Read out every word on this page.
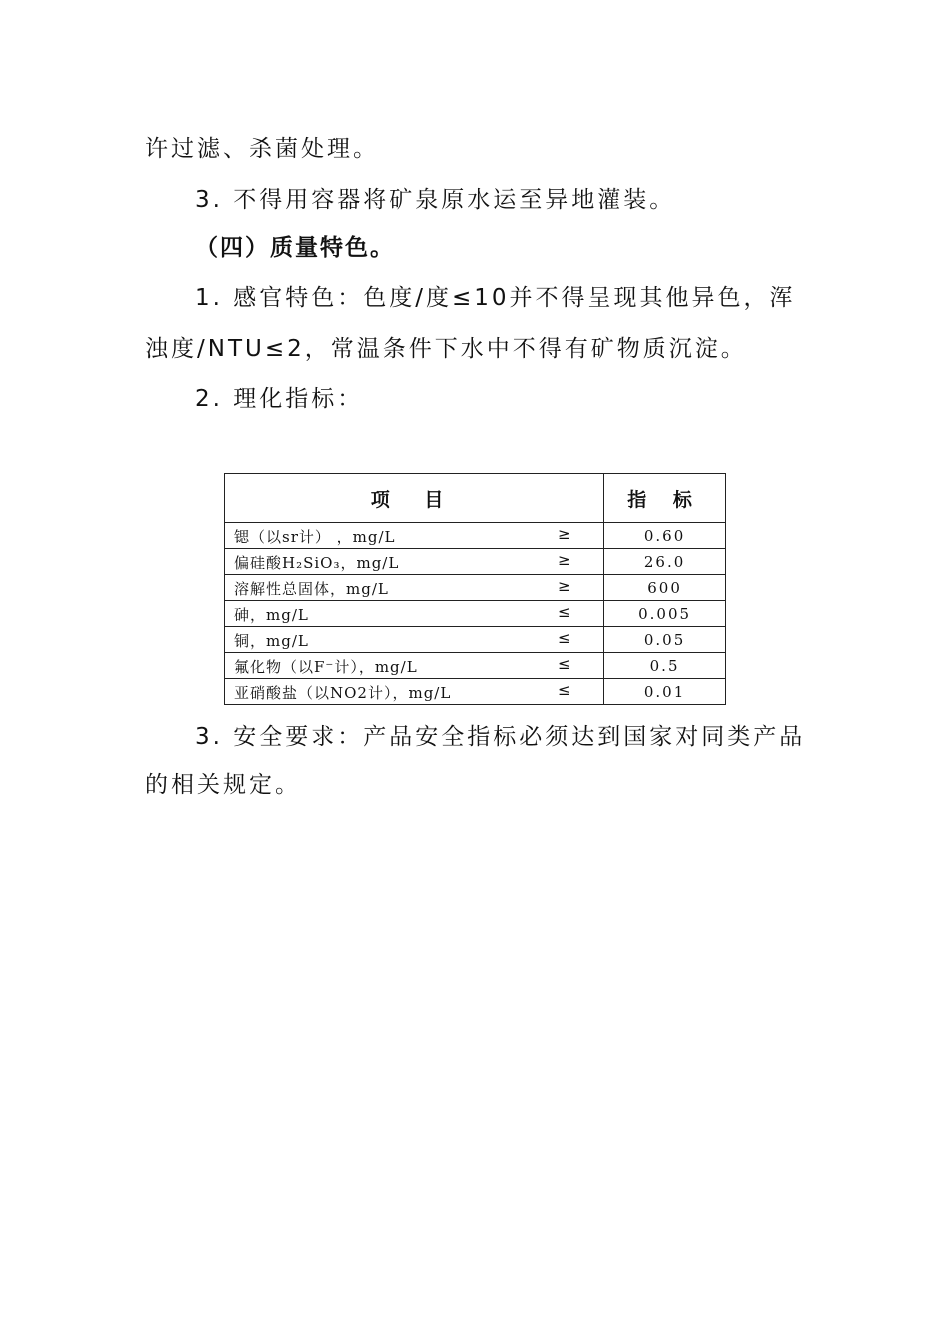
许过滤、杀菌处理。
3. 不得用容器将矿泉原水运至异地灌装。
（四）质量特色。
1. 感官特色：色度/度≤10并不得呈现其他异色，浑
浊度/NTU≤2，常温条件下水中不得有矿物质沉淀。
2. 理化指标：
项 目	指 标

锶（以sr计） ，mg/L ≥	0.60

偏硅酸H₂SiO₃，mg/L ≥	26.0

溶解性总固体，mg/L ≥	600

砷，mg/L ≤	0.005

铜，mg/L ≤	0.05

氟化物（以F⁻计），mg/L ≤	0.5

亚硝酸盐（以NO2计），mg/L ≤	0.01
3. 安全要求：产品安全指标必须达到国家对同类产品
的相关规定。
